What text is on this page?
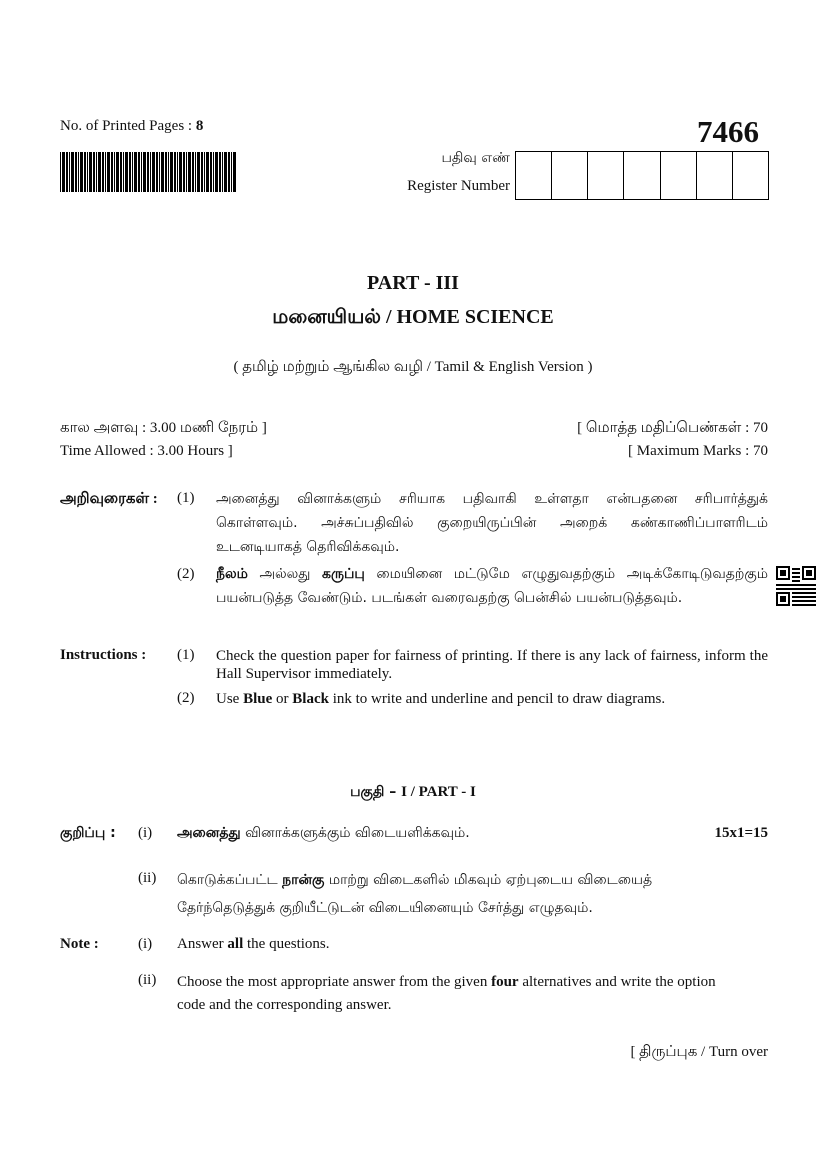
No. of Printed Pages : 8	7466
பதிவு எண்
Register Number
PART - III
மனையியல் / HOME SCIENCE
( தமிழ் மற்றும் ஆங்கில வழி / Tamil & English Version )
கால அளவு : 3.00 மணி நேரம் ]	[ மொத்த மதிப்பெண்கள் : 70
Time Allowed : 3.00 Hours ]	[ Maximum Marks : 70
அறிவுரைகள் : (1) அனைத்து வினாக்களும் சரியாக பதிவாகி உள்ளதா என்பதனை சரிபார்த்துக் கொள்ளவும். அச்சுப்பதிவில் குறையிருப்பின் அறைக் கண்காணிப்பாளரிடம் உடனடியாகத் தெரிவிக்கவும்.
(2) நீலம் அல்லது கருப்பு மையினை மட்டுமே எழுதுவதற்கும் அடிக்கோடிடுவதற்கும் பயன்படுத்த வேண்டும். படங்கள் வரைவதற்கு பென்சில் பயன்படுத்தவும்.
Instructions : (1) Check the question paper for fairness of printing. If there is any lack of fairness, inform the Hall Supervisor immediately.
(2) Use Blue or Black ink to write and underline and pencil to draw diagrams.
பகுதி – I / PART - I
குறிப்பு : (i) அனைத்து வினாக்களுக்கும் விடையளிக்கவும்.	15x1=15
(ii) கொடுக்கப்பட்ட நான்கு மாற்று விடைகளில் மிகவும் ஏற்புடைய விடையைத் தேர்ந்தெடுத்துக் குறியீட்டுடன் விடையினையும் சேர்த்து எழுதவும்.
Note :	(i) Answer all the questions.
(ii) Choose the most appropriate answer from the given four alternatives and write the option code and the corresponding answer.
[ திருப்புக / Turn over
